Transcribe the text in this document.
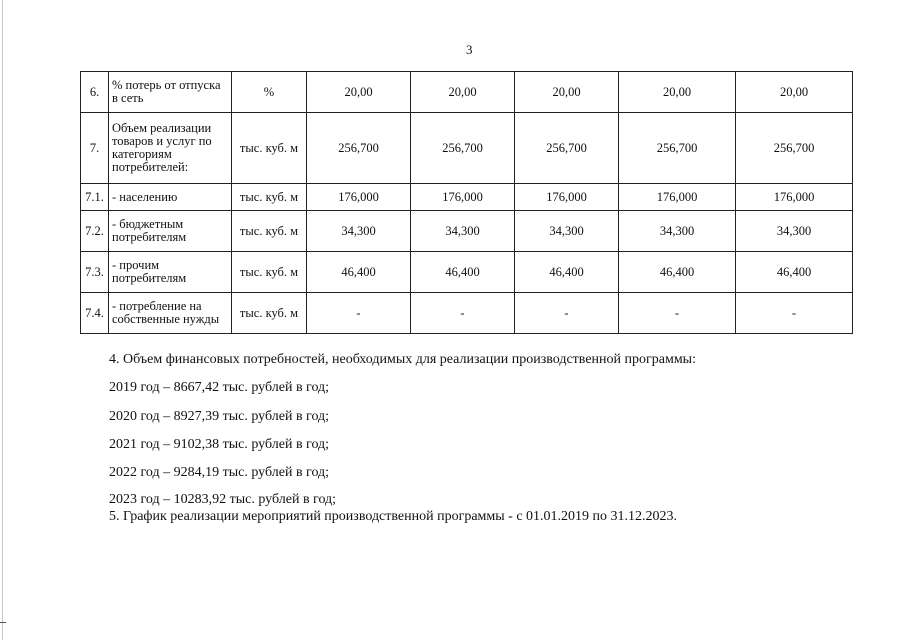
3
6.	% потерь от отпуска в сеть	%	20,00	20,00	20,00	20,00	20,00
7.	Объем реализации товаров и услуг по категориям потребителей:	тыс. куб. м	256,700	256,700	256,700	256,700	256,700
7.1.	- населению	тыс. куб. м	176,000	176,000	176,000	176,000	176,000
7.2.	- бюджетным потребителям	тыс. куб. м	34,300	34,300	34,300	34,300	34,300
7.3.	- прочим потребителям	тыс. куб. м	46,400	46,400	46,400	46,400	46,400
7.4.	- потребление на собственные нужды	тыс. куб. м	-	-	-	-	-
4. Объем финансовых потребностей, необходимых для реализации производственной программы:
2019 год – 8667,42 тыс. рублей в год;
2020 год – 8927,39 тыс. рублей в год;
2021 год – 9102,38 тыс. рублей в год;
2022 год – 9284,19 тыс. рублей в год;
2023 год – 10283,92 тыс. рублей в год;
5. График реализации мероприятий производственной программы - с 01.01.2019 по 31.12.2023.
